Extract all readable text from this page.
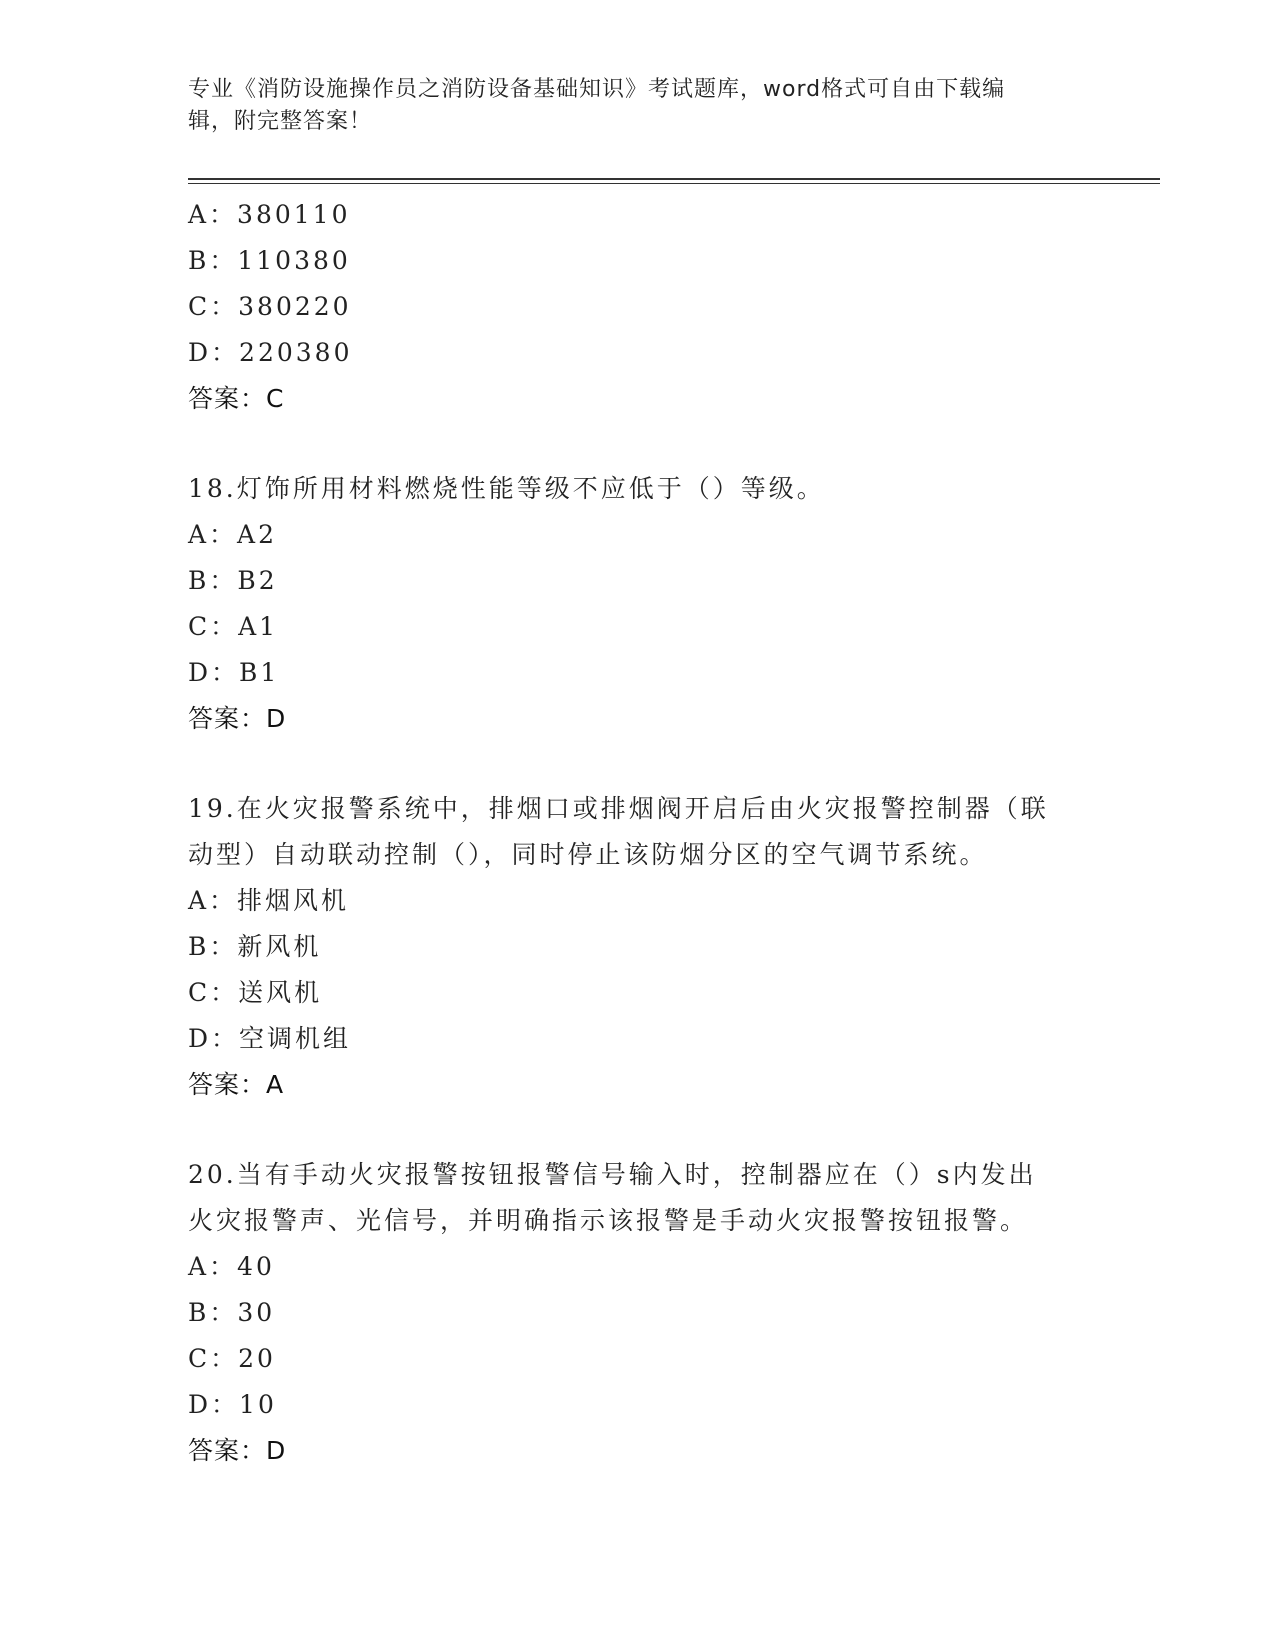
专业《消防设施操作员之消防设备基础知识》考试题库，word格式可自由下载编
辑，附完整答案！
A：380110
B：110380
C：380220
D：220380
答案：C
18.灯饰所用材料燃烧性能等级不应低于（）等级。
A：A2
B：B2
C：A1
D：B1
答案：D
19.在火灾报警系统中，排烟口或排烟阀开启后由火灾报警控制器（联
动型）自动联动控制（），同时停止该防烟分区的空气调节系统。
A：排烟风机
B：新风机
C：送风机
D：空调机组
答案：A
20.当有手动火灾报警按钮报警信号输入时，控制器应在（）s内发出
火灾报警声、光信号，并明确指示该报警是手动火灾报警按钮报警。
A：40
B：30
C：20
D：10
答案：D
